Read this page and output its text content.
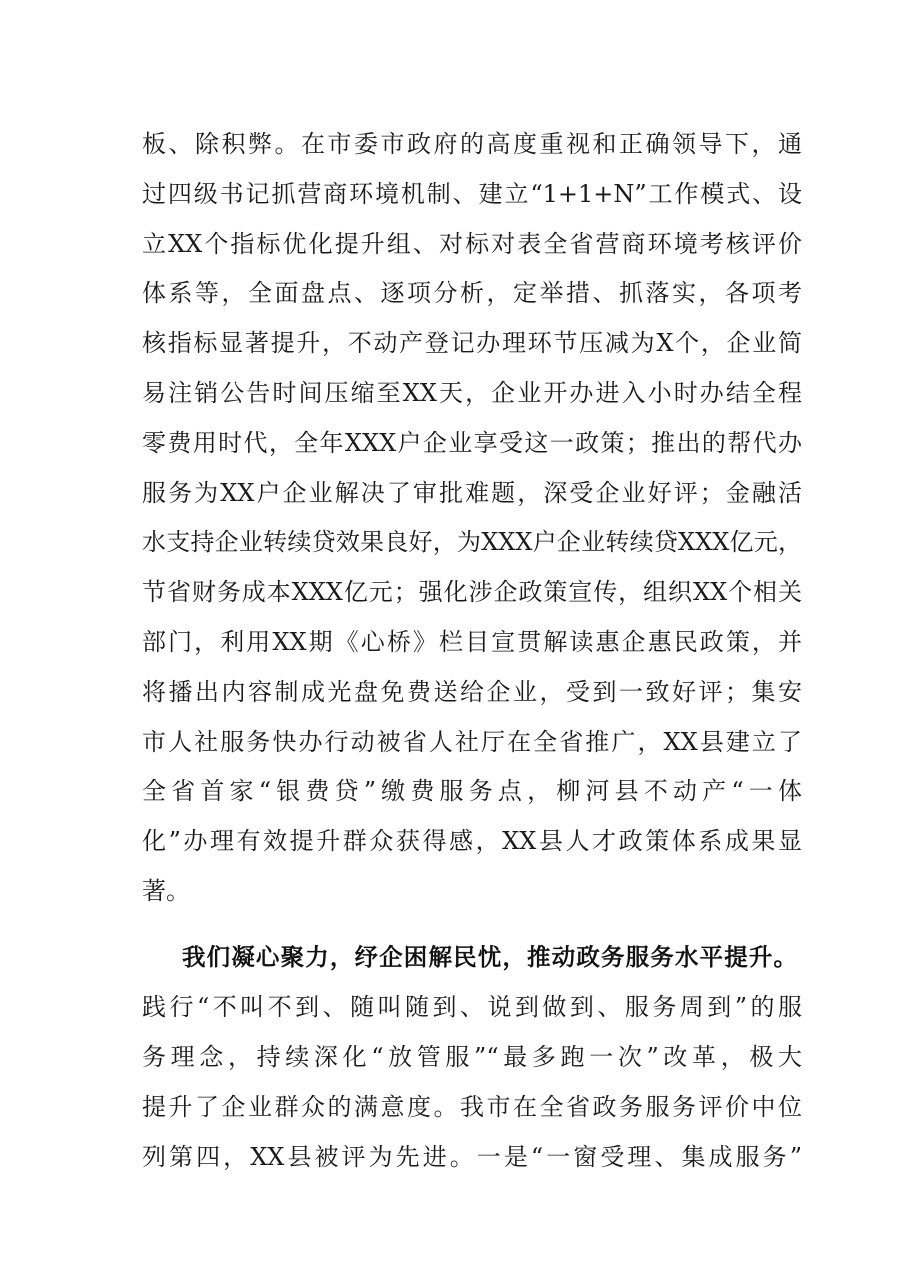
板、除积弊。在市委市政府的高度重视和正确领导下，通
过四级书记抓营商环境机制、建立“1+1+N”工作模式、设
立XX个指标优化提升组、对标对表全省营商环境考核评价
体系等，全面盘点、逐项分析，定举措、抓落实，各项考
核指标显著提升，不动产登记办理环节压减为X个，企业简
易注销公告时间压缩至XX天，企业开办进入小时办结全程
零费用时代，全年XXX户企业享受这一政策；推出的帮代办
服务为XX户企业解决了审批难题，深受企业好评；金融活
水支持企业转续贷效果良好，为XXX户企业转续贷XXX亿元，
节省财务成本XXX亿元；强化涉企政策宣传，组织XX个相关
部门，利用XX期《心桥》栏目宣贯解读惠企惠民政策，并
将播出内容制成光盘免费送给企业，受到一致好评；集安
市人社服务快办行动被省人社厅在全省推广，XX县建立了
全省首家“银费贷”缴费服务点，柳河县不动产“一体
化”办理有效提升群众获得感，XX县人才政策体系成果显
著。
我们凝心聚力，纾企困解民忧，推动政务服务水平提升。
践行“不叫不到、随叫随到、说到做到、服务周到”的服
务理念，持续深化“放管服”“最多跑一次”改革，极大
提升了企业群众的满意度。我市在全省政务服务评价中位
列第四，XX县被评为先进。一是“一窗受理、集成服务”
